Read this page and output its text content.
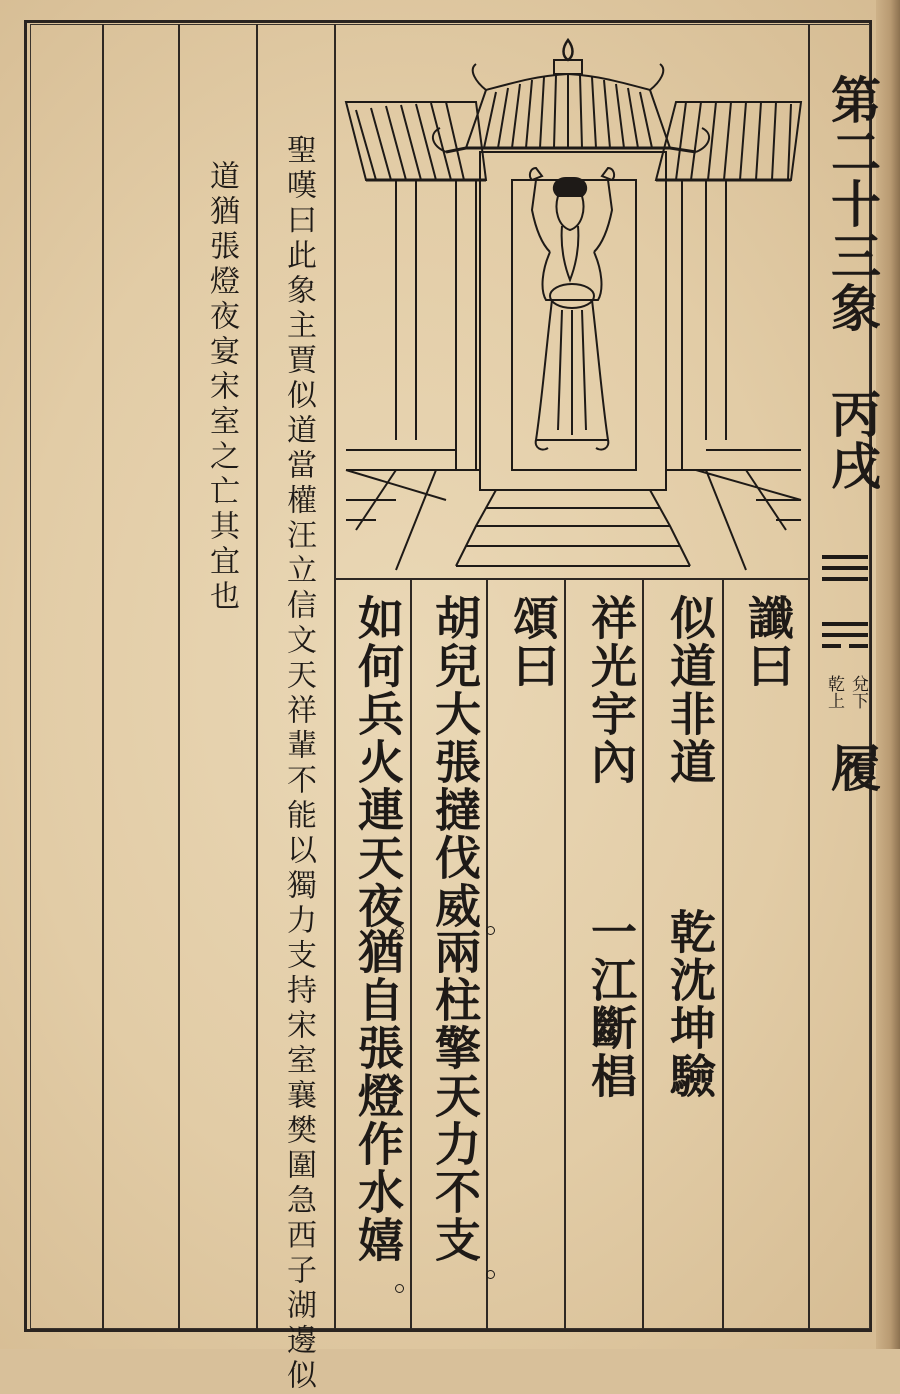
第二十三象

丙戌

兌下

乾上

履

讖曰

似道非道

乾沈坤驗

祥光宇內

一江斷椙

頌曰

胡兒大張撻伐威

兩柱擎天力不支

如何兵火連天夜

猶自張燈作水嬉

聖嘆曰此象主賈似道當權汪立信文天祥輩不能以獨力支持宋室襄樊圍急西子湖邊似

道猶張燈夜宴宋室之亡其宜也
